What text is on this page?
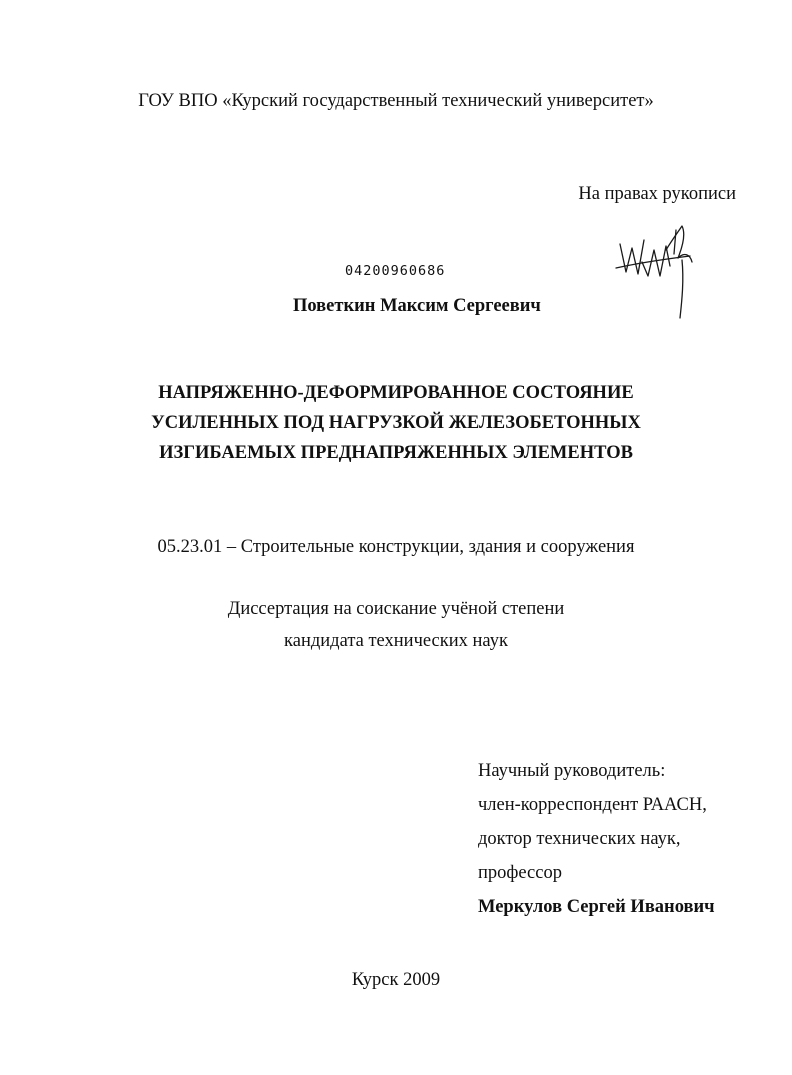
ГОУ ВПО «Курский государственный технический университет»
На правах рукописи
04200960686
Поветкин Максим Сергеевич
НАПРЯЖЕННО-ДЕФОРМИРОВАННОЕ СОСТОЯНИЕ
УСИЛЕННЫХ ПОД НАГРУЗКОЙ ЖЕЛЕЗОБЕТОННЫХ
ИЗГИБАЕМЫХ ПРЕДНАПРЯЖЕННЫХ ЭЛЕМЕНТОВ
05.23.01 – Строительные конструкции, здания и сооружения
Диссертация на соискание учёной степени
кандидата технических наук
Научный руководитель:
член-корреспондент РААСН,
доктор технических наук,
профессор
Меркулов Сергей Иванович
Курск 2009
